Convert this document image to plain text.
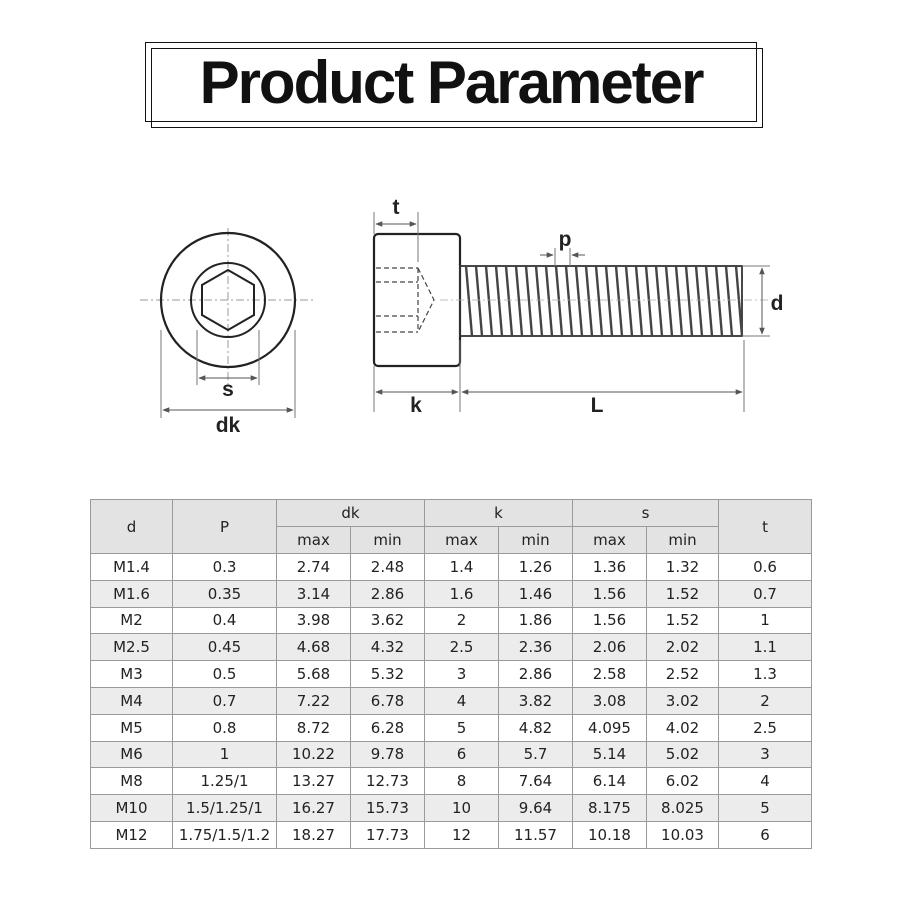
Product Parameter
s
dk
t
p
d
k	L
d	P	dk		k		s		t
		max	min	max	min	max	min	
M1.4	0.3	2.74	2.48	1.4	1.26	1.36	1.32	0.6
M1.6	0.35	3.14	2.86	1.6	1.46	1.56	1.52	0.7
M2	0.4	3.98	3.62	2	1.86	1.56	1.52	1
M2.5	0.45	4.68	4.32	2.5	2.36	2.06	2.02	1.1
M3	0.5	5.68	5.32	3	2.86	2.58	2.52	1.3
M4	0.7	7.22	6.78	4	3.82	3.08	3.02	2
M5	0.8	8.72	6.28	5	4.82	4.095	4.02	2.5
M6	1	10.22	9.78	6	5.7	5.14	5.02	3
M8	1.25/1	13.27	12.73	8	7.64	6.14	6.02	4
M10	1.5/1.25/1	16.27	15.73	10	9.64	8.175	8.025	5
M12	1.75/1.5/1.2	18.27	17.73	12	11.57	10.18	10.03	6
